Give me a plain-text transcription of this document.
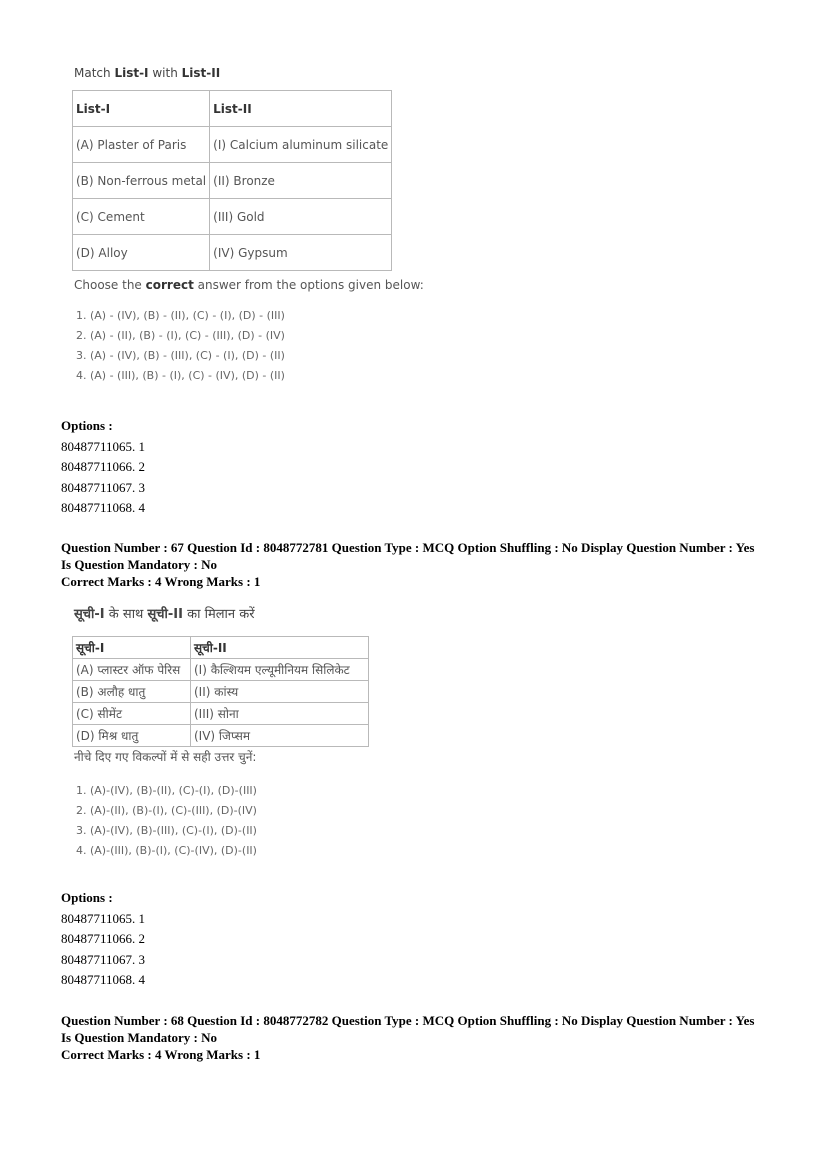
Match List-I with List-II
List-I	List-II
(A) Plaster of Paris	(I) Calcium aluminum silicate
(B) Non-ferrous metal	(II) Bronze
(C) Cement	(III) Gold
(D) Alloy	(IV) Gypsum
Choose the correct answer from the options given below:
1. (A) - (IV), (B) - (II), (C) - (I), (D) - (III)
2. (A) - (II), (B) - (I), (C) - (III), (D) - (IV)
3. (A) - (IV), (B) - (III), (C) - (I), (D) - (II)
4. (A) - (III), (B) - (I), (C) - (IV), (D) - (II)
Options :
80487711065. 1
80487711066. 2
80487711067. 3
80487711068. 4
Question Number : 67 Question Id : 8048772781 Question Type : MCQ Option Shuffling : No Display Question Number : Yes
Is Question Mandatory : No
Correct Marks : 4 Wrong Marks : 1
सूची-I के साथ सूची-II का मिलान करें
सूची-I	सूची-II
(A) प्लास्टर ऑफ पेरिस	(I) कैल्शियम एल्यूमीनियम सिलिकेट
(B) अलौह धातु	(II) कांस्य
(C) सीमेंट	(III) सोना
(D) मिश्र धातु	(IV) जिप्सम
नीचे दिए गए विकल्पों में से सही उत्तर चुनें:
1. (A)-(IV), (B)-(II), (C)-(I), (D)-(III)
2. (A)-(II), (B)-(I), (C)-(III), (D)-(IV)
3. (A)-(IV), (B)-(III), (C)-(I), (D)-(II)
4. (A)-(III), (B)-(I), (C)-(IV), (D)-(II)
Options :
80487711065. 1
80487711066. 2
80487711067. 3
80487711068. 4
Question Number : 68 Question Id : 8048772782 Question Type : MCQ Option Shuffling : No Display Question Number : Yes
Is Question Mandatory : No
Correct Marks : 4 Wrong Marks : 1
